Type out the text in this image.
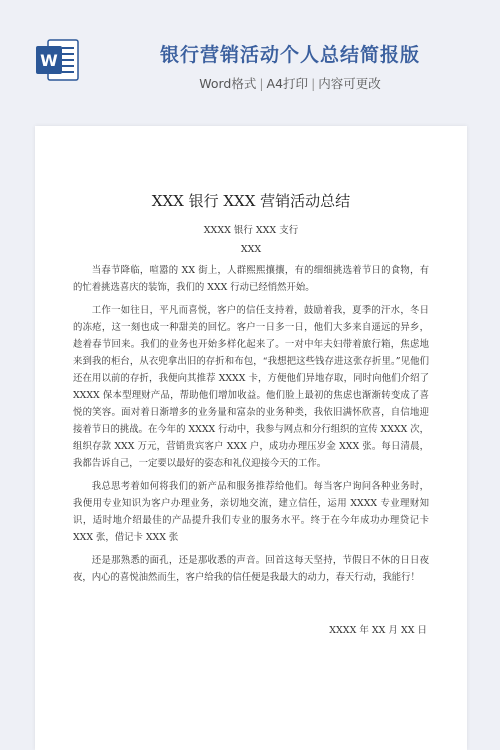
W	银行营销活动个人总结简报版
Word格式 | A4打印 | 内容可更改
XXX 银行 XXX 营销活动总结
XXXX 银行 XXX 支行
XXX

当春节降临，喧嚣的 XX 街上，人群熙熙攘攘，有的细细挑选着节日的食物，有的忙着挑选喜庆的装饰，我们的 XXX 行动已经悄然开始。

工作一如往日，平凡而喜悦，客户的信任支持着，鼓励着我，夏季的汗水，冬日的冻疮，这一刻也成一种甜美的回忆。客户一日多一日，他们大多来自遥远的异乡，趁着春节回来。我们的业务也开始多样化起来了。一对中年夫妇带着旅行箱，焦虑地来到我的柜台，从衣兜拿出旧的存折和布包，“我想把这些钱存进这张存折里。”见他们还在用以前的存折，我便向其推荐 XXXX 卡，方便他们异地存取，同时向他们介绍了 XXXX 保本型理财产品，帮助他们增加收益。他们脸上最初的焦虑也渐渐转变成了喜悦的笑容。面对着日渐增多的业务量和富杂的业务种类，我依旧满怀欣喜，自信地迎接着节日的挑战。在今年的 XXXX 行动中，我参与网点和分行组织的宣传 XXXX 次，组织存款 XXX 万元，营销贵宾客户 XXX 户，成功办理压岁金 XXX 张。每日清晨，我都告诉自己，一定要以最好的姿态和礼仪迎接今天的工作。

我总思考着如何将我们的新产品和服务推荐给他们。每当客户询问各种业务时，我便用专业知识为客户办理业务，亲切地交流，建立信任，运用 XXXX 专业理财知识，适时地介绍最佳的产品提升我们专业的服务水平。终于在今年成功办理贷记卡 XXX 张，借记卡 XXX 张

还是那熟悉的面孔，还是那收悉的声音。回首这每天坚持，节假日不休的日日夜夜，内心的喜悦油然而生，客户给我的信任便是我最大的动力，春天行动，我能行！

XXXX 年 XX 月 XX 日
